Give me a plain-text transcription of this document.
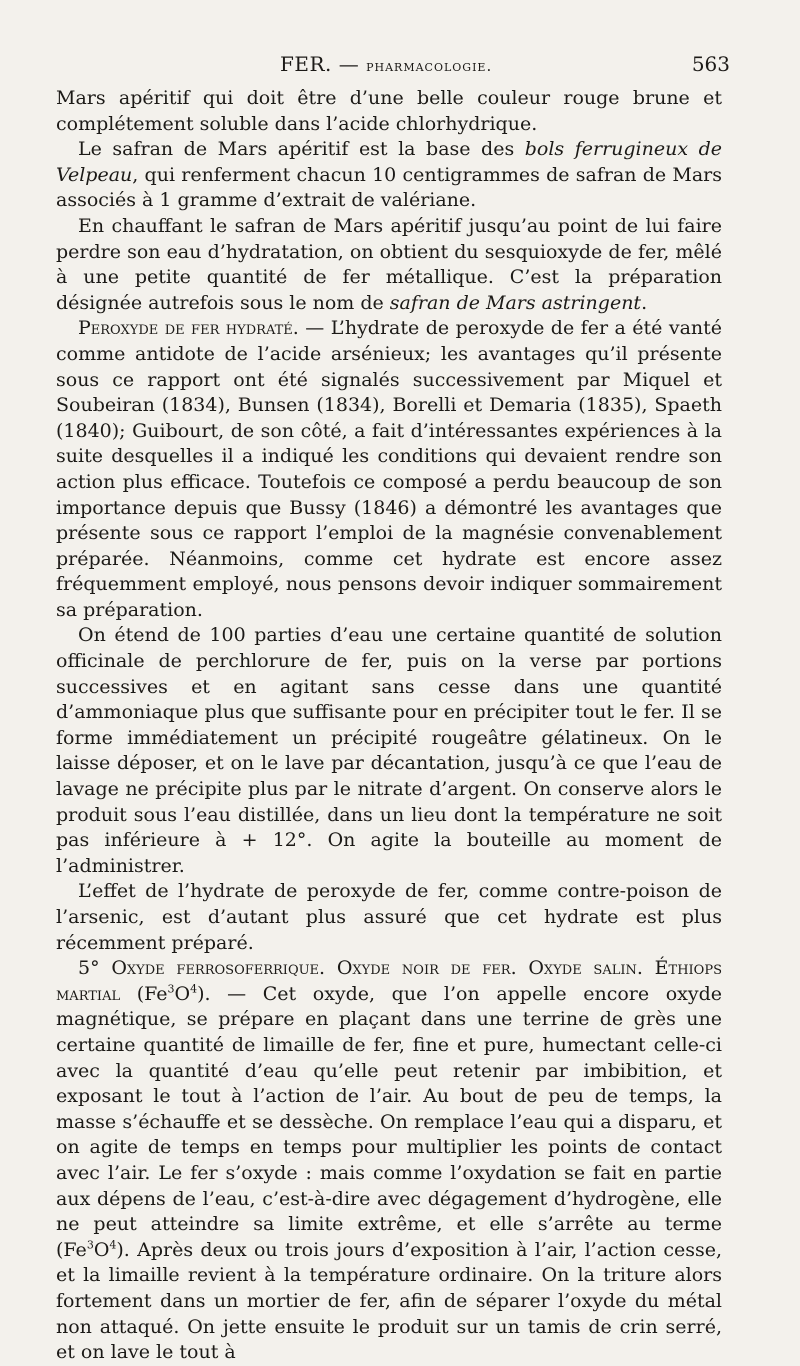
FER. — pharmacologie.	563

Mars apéritif qui doit être d’une belle couleur rouge brune et complétement soluble dans l’acide chlorhydrique.

Le safran de Mars apéritif est la base des bols ferrugineux de Velpeau, qui renferment chacun 10 centigrammes de safran de Mars associés à 1 gramme d’extrait de valériane.

En chauffant le safran de Mars apéritif jusqu’au point de lui faire perdre son eau d’hydratation, on obtient du sesquioxyde de fer, mêlé à une petite quantité de fer métallique. C’est la préparation désignée autrefois sous le nom de safran de Mars astringent.

Peroxyde de fer hydraté. — L’hydrate de peroxyde de fer a été vanté comme antidote de l’acide arsénieux; les avantages qu’il présente sous ce rapport ont été signalés successivement par Miquel et Soubeiran (1834), Bunsen (1834), Borelli et Demaria (1835), Spaeth (1840); Guibourt, de son côté, a fait d’intéressantes expériences à la suite desquelles il a indiqué les conditions qui devaient rendre son action plus efficace. Toutefois ce composé a perdu beaucoup de son importance depuis que Bussy (1846) a démontré les avantages que présente sous ce rapport l’emploi de la magnésie convenablement préparée. Néanmoins, comme cet hydrate est encore assez fréquemment employé, nous pensons devoir indiquer sommairement sa préparation.

On étend de 100 parties d’eau une certaine quantité de solution officinale de perchlorure de fer, puis on la verse par portions successives et en agitant sans cesse dans une quantité d’ammoniaque plus que suffisante pour en précipiter tout le fer. Il se forme immédiatement un précipité rougeâtre gélatineux. On le laisse déposer, et on le lave par décantation, jusqu’à ce que l’eau de lavage ne précipite plus par le nitrate d’argent. On conserve alors le produit sous l’eau distillée, dans un lieu dont la température ne soit pas inférieure à + 12°. On agite la bouteille au moment de l’administrer.

L’effet de l’hydrate de peroxyde de fer, comme contre-poison de l’arsenic, est d’autant plus assuré que cet hydrate est plus récemment préparé.

5° Oxyde ferrosoferrique. Oxyde noir de fer. Oxyde salin. Éthiops martial $(Fe^3O^4)$. — Cet oxyde, que l’on appelle encore oxyde magnétique, se prépare en plaçant dans une terrine de grès une certaine quantité de limaille de fer, fine et pure, humectant celle-ci avec la quantité d’eau qu’elle peut retenir par imbibition, et exposant le tout à l’action de l’air. Au bout de peu de temps, la masse s’échauffe et se dessèche. On remplace l’eau qui a disparu, et on agite de temps en temps pour multiplier les points de contact avec l’air. Le fer s’oxyde : mais comme l’oxydation se fait en partie aux dépens de l’eau, c’est-à-dire avec dégagement d’hydrogène, elle ne peut atteindre sa limite extrême, et elle s’arrête au terme $(Fe^3O^4)$. Après deux ou trois jours d’exposition à l’air, l’action cesse, et la limaille revient à la température ordinaire. On la triture alors fortement dans un mortier de fer, afin de séparer l’oxyde du métal non attaqué. On jette ensuite le produit sur un tamis de crin serré, et on lave le tout à
